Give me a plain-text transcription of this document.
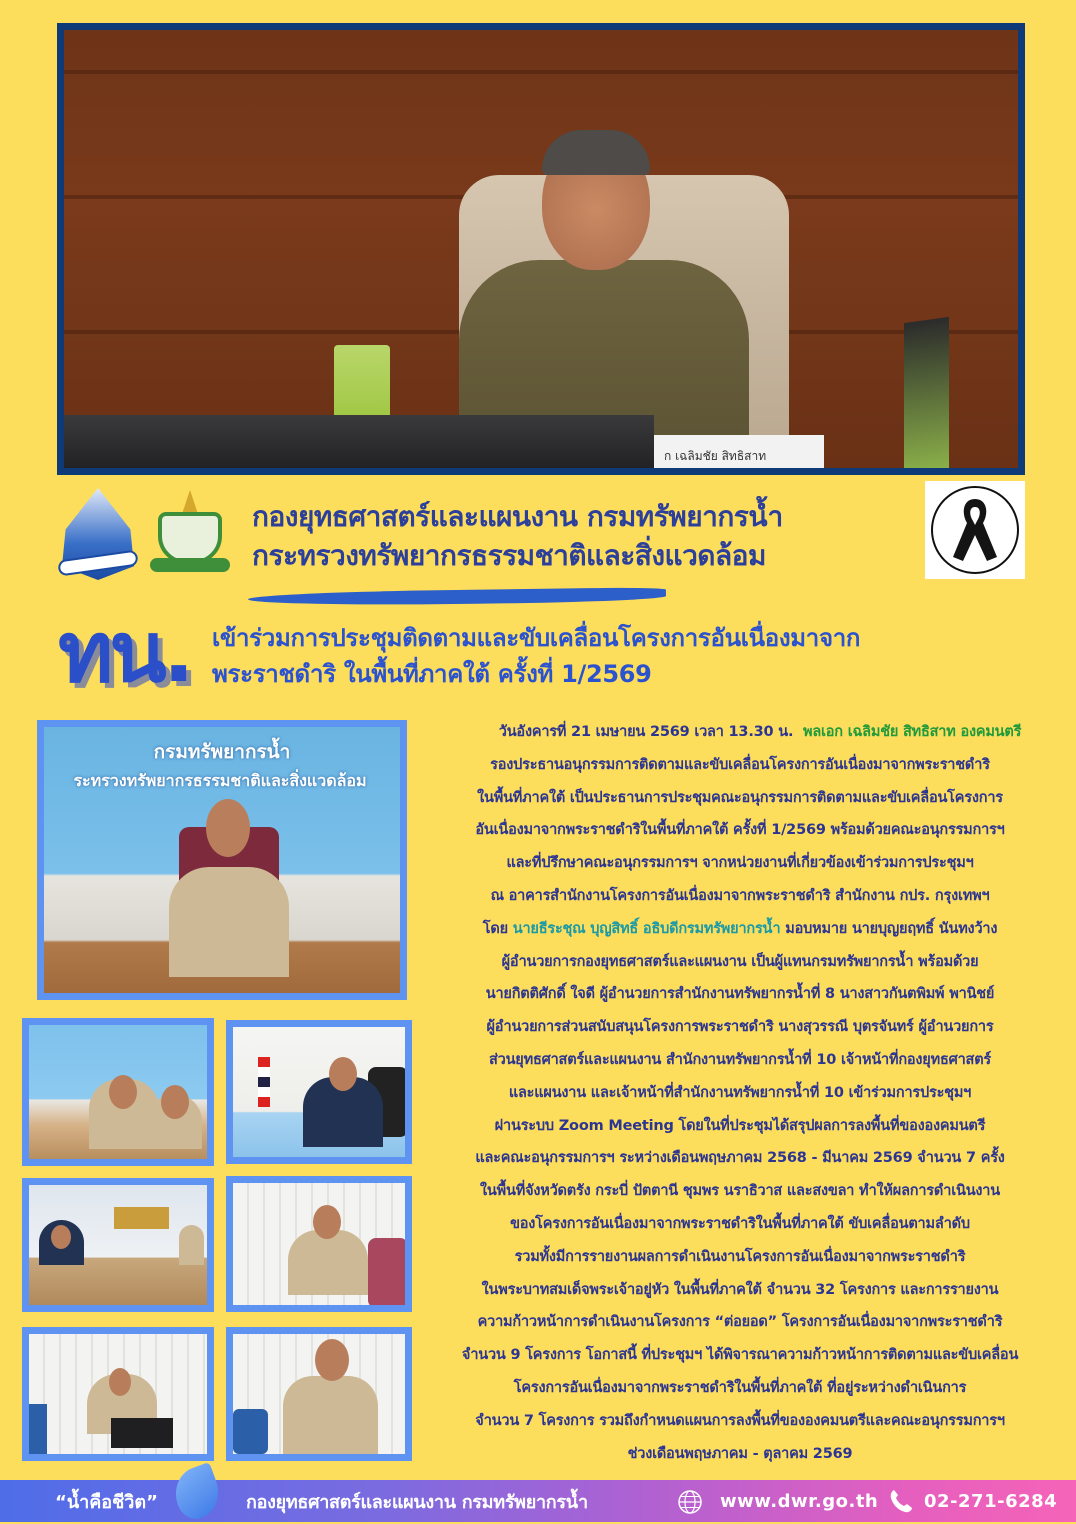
ก เฉลิมชัย สิทธิสาท
กองยุทธศาสตร์และแผนงาน กรมทรัพยากรน้ำ
กระทรวงทรัพยากรธรรมชาติและสิ่งแวดล้อม
ทน. เข้าร่วมการประชุมติดตามและขับเคลื่อนโครงการอันเนื่องมาจาก
พระราชดำริ ในพื้นที่ภาคใต้ ครั้งที่ 1/2569
กรมทรัพยากรน้ำ
ระทรวงทรัพยากรธรรมชาติและสิ่งแวดล้อม
วันอังคารที่ 21 เมษายน 2569 เวลา 13.30 น. พลเอก เฉลิมชัย สิทธิสาท องคมนตรี
รองประธานอนุกรรมการติดตามและขับเคลื่อนโครงการอันเนื่องมาจากพระราชดำริ
ในพื้นที่ภาคใต้ เป็นประธานการประชุมคณะอนุกรรมการติดตามและขับเคลื่อนโครงการ
อันเนื่องมาจากพระราชดำริในพื้นที่ภาคใต้ ครั้งที่ 1/2569 พร้อมด้วยคณะอนุกรรมการฯ
และที่ปรึกษาคณะอนุกรรมการฯ จากหน่วยงานที่เกี่ยวข้องเข้าร่วมการประชุมฯ
ณ อาคารสำนักงานโครงการอันเนื่องมาจากพระราชดำริ สำนักงาน กปร. กรุงเทพฯ
โดย นายธีระชุณ บุญสิทธิ์ อธิบดีกรมทรัพยากรน้ำ มอบหมาย นายบุญยฤทธิ์ นันทงว้าง
ผู้อำนวยการกองยุทธศาสตร์และแผนงาน เป็นผู้แทนกรมทรัพยากรน้ำ พร้อมด้วย
นายกิตติศักดิ์ ใจดี ผู้อำนวยการสำนักงานทรัพยากรน้ำที่ 8 นางสาวกันตพิมพ์ พานิชย์
ผู้อำนวยการส่วนสนับสนุนโครงการพระราชดำริ นางสุวรรณี บุตรจันทร์ ผู้อำนวยการ
ส่วนยุทธศาสตร์และแผนงาน สำนักงานทรัพยากรน้ำที่ 10 เจ้าหน้าที่กองยุทธศาสตร์
และแผนงาน และเจ้าหน้าที่สำนักงานทรัพยากรน้ำที่ 10 เข้าร่วมการประชุมฯ
ผ่านระบบ Zoom Meeting โดยในที่ประชุมได้สรุปผลการลงพื้นที่ขององคมนตรี
และคณะอนุกรรมการฯ ระหว่างเดือนพฤษภาคม 2568 - มีนาคม 2569 จำนวน 7 ครั้ง
ในพื้นที่จังหวัดตรัง กระบี่ ปัตตานี ชุมพร นราธิวาส และสงขลา ทำให้ผลการดำเนินงาน
ของโครงการอันเนื่องมาจากพระราชดำริในพื้นที่ภาคใต้ ขับเคลื่อนตามลำดับ
รวมทั้งมีการรายงานผลการดำเนินงานโครงการอันเนื่องมาจากพระราชดำริ
ในพระบาทสมเด็จพระเจ้าอยู่หัว ในพื้นที่ภาคใต้ จำนวน 32 โครงการ และการรายงาน
ความก้าวหน้าการดำเนินงานโครงการ “ต่อยอด” โครงการอันเนื่องมาจากพระราชดำริ
จำนวน 9 โครงการ โอกาสนี้ ที่ประชุมฯ ได้พิจารณาความก้าวหน้าการติดตามและขับเคลื่อน
โครงการอันเนื่องมาจากพระราชดำริในพื้นที่ภาคใต้ ที่อยู่ระหว่างดำเนินการ
จำนวน 7 โครงการ รวมถึงกำหนดแผนการลงพื้นที่ขององคมนตรีและคณะอนุกรรมการฯ
ช่วงเดือนพฤษภาคม - ตุลาคม 2569
“น้ำคือชีวิต”	กองยุทธศาสตร์และแผนงาน กรมทรัพยากรน้ำ	www.dwr.go.th	02-271-6284
